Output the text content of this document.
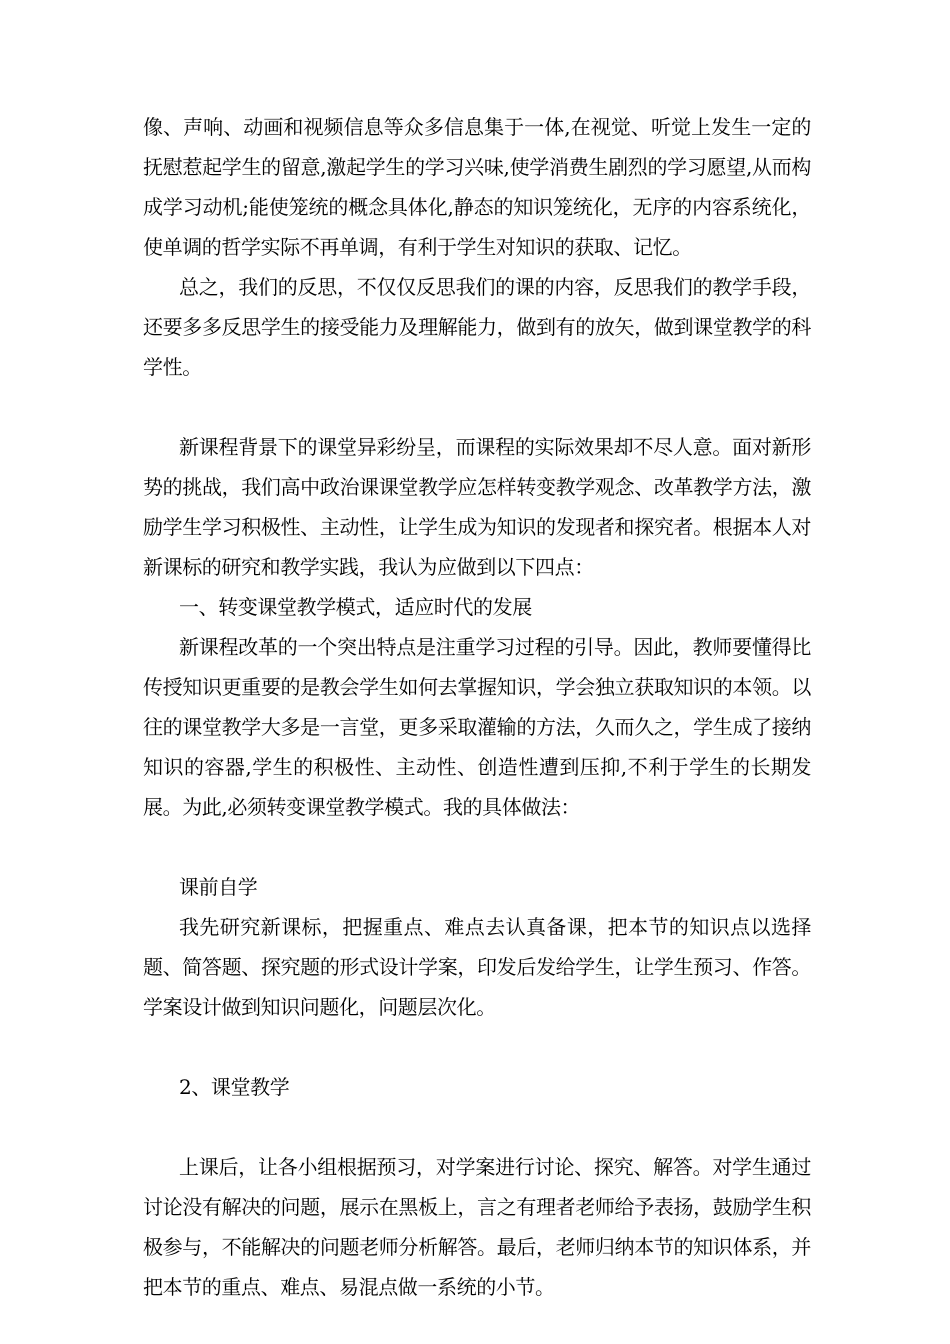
像、声响、动画和视频信息等众多信息集于一体,在视觉、听觉上发生一定的抚慰惹起学生的留意,激起学生的学习兴味,使学消费生剧烈的学习愿望,从而构成学习动机;能使笼统的概念具体化,静态的知识笼统化，无序的内容系统化，使单调的哲学实际不再单调，有利于学生对知识的获取、记忆。

总之，我们的反思，不仅仅反思我们的课的内容，反思我们的教学手段，还要多多反思学生的接受能力及理解能力，做到有的放矢，做到课堂教学的科学性。

新课程背景下的课堂异彩纷呈，而课程的实际效果却不尽人意。面对新形势的挑战，我们高中政治课课堂教学应怎样转变教学观念、改革教学方法，激励学生学习积极性、主动性，让学生成为知识的发现者和探究者。根据本人对新课标的研究和教学实践，我认为应做到以下四点：

一、转变课堂教学模式，适应时代的发展

新课程改革的一个突出特点是注重学习过程的引导。因此，教师要懂得比传授知识更重要的是教会学生如何去掌握知识，学会独立获取知识的本领。以往的课堂教学大多是一言堂，更多采取灌输的方法，久而久之，学生成了接纳知识的容器,学生的积极性、主动性、创造性遭到压抑,不利于学生的长期发展。为此,必须转变课堂教学模式。我的具体做法：

课前自学

我先研究新课标，把握重点、难点去认真备课，把本节的知识点以选择题、简答题、探究题的形式设计学案，印发后发给学生，让学生预习、作答。学案设计做到知识问题化，问题层次化。

2、课堂教学

上课后，让各小组根据预习，对学案进行讨论、探究、解答。对学生通过讨论没有解决的问题，展示在黑板上，言之有理者老师给予表扬，鼓励学生积极参与，不能解决的问题老师分析解答。最后，老师归纳本节的知识体系，并把本节的重点、难点、易混点做一系统的小节。
